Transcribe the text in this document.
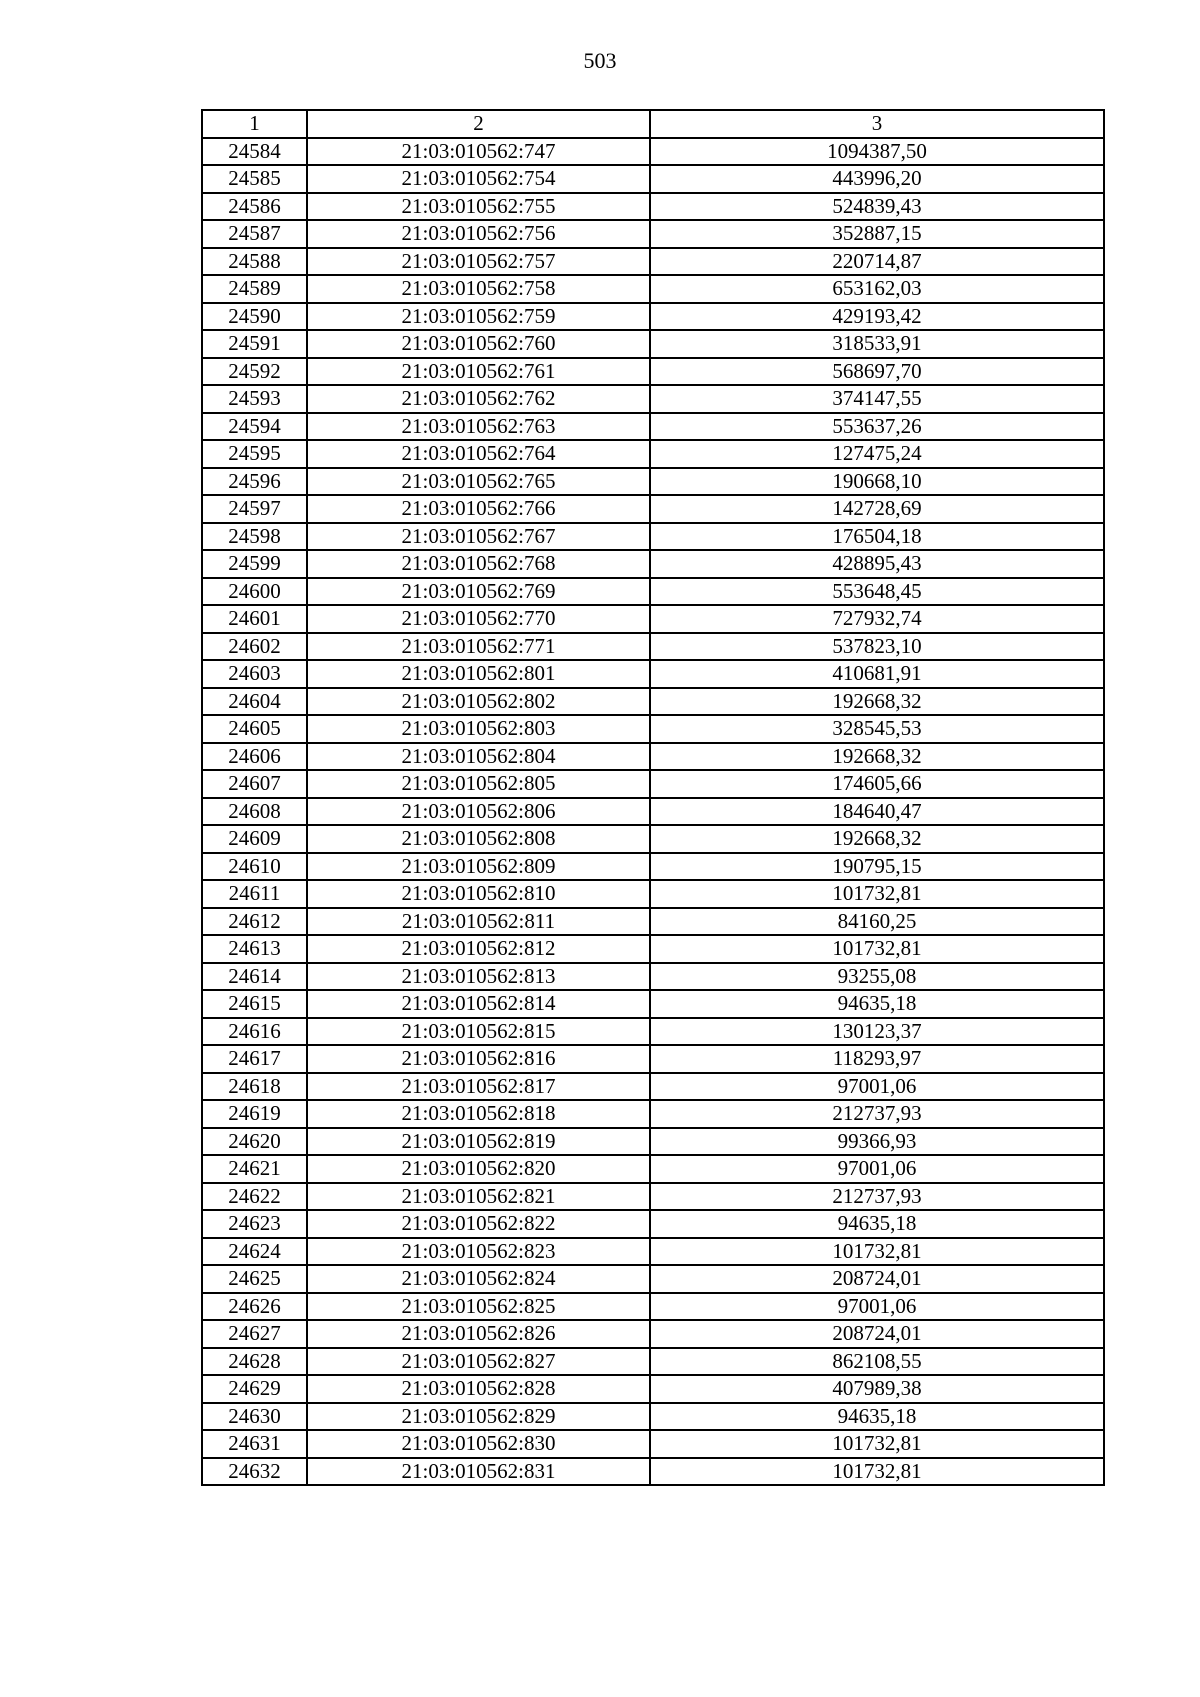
503
1	2	3
24584	21:03:010562:747	1094387,50
24585	21:03:010562:754	443996,20
24586	21:03:010562:755	524839,43
24587	21:03:010562:756	352887,15
24588	21:03:010562:757	220714,87
24589	21:03:010562:758	653162,03
24590	21:03:010562:759	429193,42
24591	21:03:010562:760	318533,91
24592	21:03:010562:761	568697,70
24593	21:03:010562:762	374147,55
24594	21:03:010562:763	553637,26
24595	21:03:010562:764	127475,24
24596	21:03:010562:765	190668,10
24597	21:03:010562:766	142728,69
24598	21:03:010562:767	176504,18
24599	21:03:010562:768	428895,43
24600	21:03:010562:769	553648,45
24601	21:03:010562:770	727932,74
24602	21:03:010562:771	537823,10
24603	21:03:010562:801	410681,91
24604	21:03:010562:802	192668,32
24605	21:03:010562:803	328545,53
24606	21:03:010562:804	192668,32
24607	21:03:010562:805	174605,66
24608	21:03:010562:806	184640,47
24609	21:03:010562:808	192668,32
24610	21:03:010562:809	190795,15
24611	21:03:010562:810	101732,81
24612	21:03:010562:811	84160,25
24613	21:03:010562:812	101732,81
24614	21:03:010562:813	93255,08
24615	21:03:010562:814	94635,18
24616	21:03:010562:815	130123,37
24617	21:03:010562:816	118293,97
24618	21:03:010562:817	97001,06
24619	21:03:010562:818	212737,93
24620	21:03:010562:819	99366,93
24621	21:03:010562:820	97001,06
24622	21:03:010562:821	212737,93
24623	21:03:010562:822	94635,18
24624	21:03:010562:823	101732,81
24625	21:03:010562:824	208724,01
24626	21:03:010562:825	97001,06
24627	21:03:010562:826	208724,01
24628	21:03:010562:827	862108,55
24629	21:03:010562:828	407989,38
24630	21:03:010562:829	94635,18
24631	21:03:010562:830	101732,81
24632	21:03:010562:831	101732,81
